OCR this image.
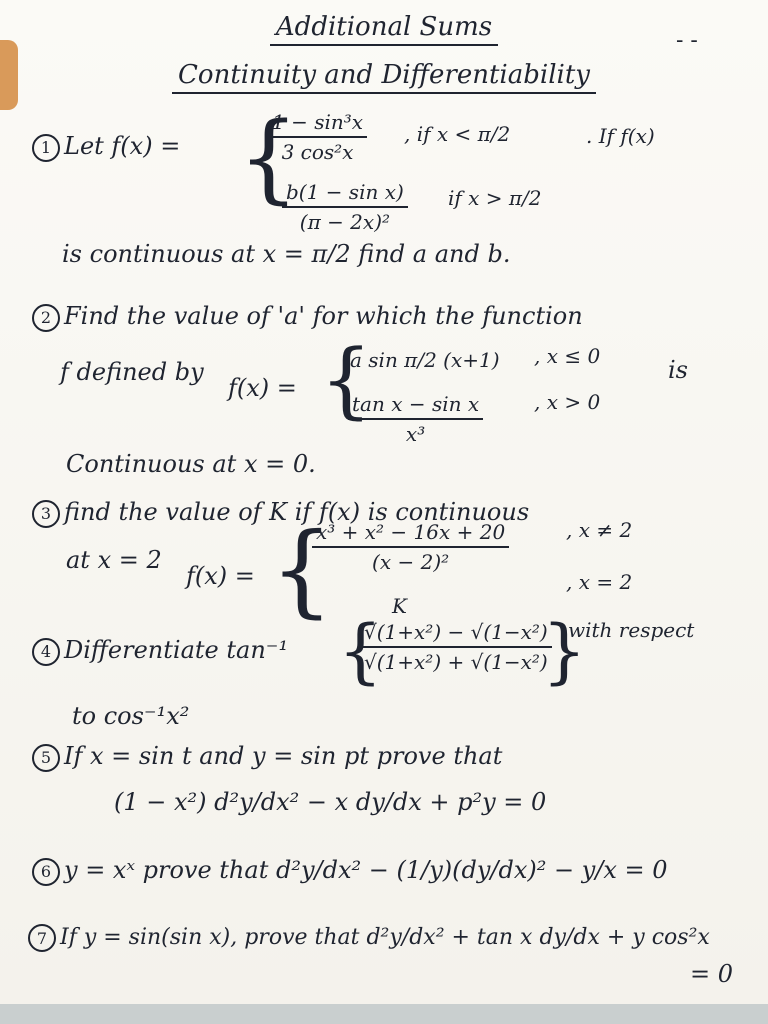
- -
Additional Sums
Continuity and Differentiability
1 Let f(x) = {
$\frac{\text{1 − sin³x}}{\text{3 cos²x}}$ , if x < π/2	. If f(x)
$\frac{\text{b(1 − sin x)}}{\text{(π − 2x)²}}$ if x > π/2
is continuous at x = π/2 find a and b.
2 Find the value of 'a' for which the function
f defined by
f(x) = {
a sin π/2 (x+1) , x ≤ 0	is
$\frac{\text{tan x − sin x}}{\text{x³}}$	, x > 0
Continuous at x = 0.
3 find the value of K if f(x) is continuous
at x = 2
f(x) = {
$\frac{\text{x³ + x² − 16x + 20}}{\text{(x − 2)²}}$	, x ≠ 2
K
, x = 2
4 Differentiate tan⁻¹ {
$\frac{\text{√(1+x²) − √(1−x²)}}{\text{√(1+x²) + √(1−x²)}}$
}
with respect
to cos⁻¹x²
5 If x = sin t and y = sin pt prove that
(1 − x²) d²y/dx² − x dy/dx + p²y = 0
6 y = xˣ prove that d²y/dx² − (1/y)(dy/dx)² − y/x = 0
7 If y = sin(sin x), prove that d²y/dx² + tan x dy/dx + y cos²x
= 0
